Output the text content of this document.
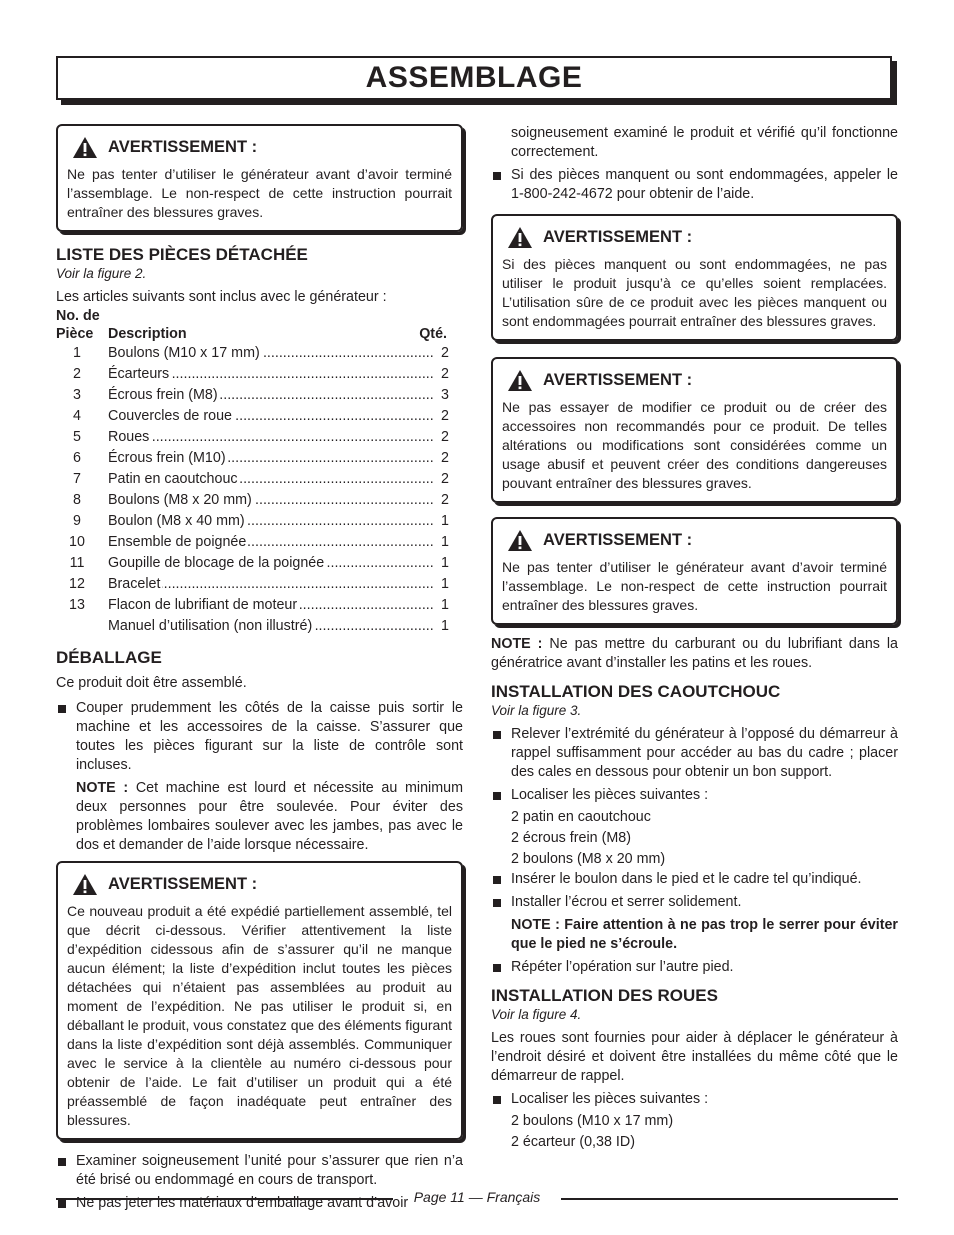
ASSEMBLAGE
AVERTISSEMENT :
Ne pas tenter d’utiliser le générateur avant d’avoir terminé l’assemblage. Le non-respect de cette instruction pourrait entraîner des blessures graves.
LISTE DES PIÈCES DÉTACHÉE
Voir la figure 2.

Les articles suivants sont inclus avec le générateur :

No. de
Pièce	Description	Qté.
1	Boulons (M10 x 17 mm) .....	2
2	Écarteurs .....	2
3	Écrous frein (M8) .....	3
4	Couvercles de roue .....	2
5	Roues .....	2
6	Écrous frein (M10) .....	2
7	Patin en caoutchouc .....	2
8	Boulons (M8 x 20 mm) .....	2
9	Boulon (M8 x 40 mm) .....	1
10	Ensemble de poignée .....	1
11	Goupille de blocage de la poignée .....	1
12	Bracelet .....	1
13	Flacon de lubrifiant de moteur .....	1
Manuel d’utilisation (non illustré) .....	1
DÉBALLAGE

Ce produit doit être assemblé.

Couper prudemment les côtés de la caisse puis sortir le machine et les accessoires de la caisse. S’assurer que toutes les pièces figurant sur la liste de contrôle sont incluses.

NOTE : Cet machine est lourd et nécessite au minimum deux personnes pour être soulevée. Pour éviter des problèmes lombaires soulever avec les jambes, pas avec le dos et demander de l’aide lorsque nécessaire.

AVERTISSEMENT :
Ce nouveau produit a été expédié partiellement assemblé, tel que décrit ci-dessous. Vérifier attentivement la liste d’expédition cidessous afin de s’assurer qu’il ne manque aucun élément; la liste d’expédition inclut toutes les pièces détachées qui n’étaient pas assemblées au produit au moment de l’expédition. Ne pas utiliser le produit si, en déballant le produit, vous constatez que des éléments figurant dans la liste d’expédition sont déjà assemblés. Communiquer avec le service à la clientèle au numéro ci-dessous pour obtenir de l’aide. Le fait d’utiliser un produit qui a été préassemblé de façon inadéquate peut entraîner des blessures.
Examiner soigneusement l’unité pour s’assurer que rien n’a été brisé ou endommagé en cours de transport.
Ne pas jeter les matériaux d’emballage avant d’avoir

soigneusement examiné le produit et vérifié qu’il fonctionne correctement.

Si des pièces manquent ou sont endommagées, appeler le 1-800-242-4672 pour obtenir de l’aide.
AVERTISSEMENT :
Si des pièces manquent ou sont endommagées, ne pas utiliser le produit jusqu’à ce qu’elles soient remplacées. L’utilisation sûre de ce produit avec les pièces manquent ou sont endommagées pourrait entraîner des blessures graves.
AVERTISSEMENT :
Ne pas essayer de modifier ce produit ou de créer des accessoires non recommandés pour ce produit. De telles altérations ou modifications sont considérées comme un usage abusif et peuvent créer des conditions dangereuses pouvant entraîner des blessures graves.
AVERTISSEMENT :
Ne pas tenter d’utiliser le générateur avant d’avoir terminé l’assemblage. Le non-respect de cette instruction pourrait entraîner des blessures graves.

NOTE : Ne pas mettre du carburant ou du lubrifiant dans la génératrice avant d’installer les patins et les roues.

INSTALLATION DES CAOUTCHOUC
Voir la figure 3.
Relever l’extrémité du générateur à l’opposé du démarreur à rappel suffisamment pour accéder au bas du cadre ; placer des cales en dessous pour obtenir un bon support.
Localiser les pièces suivantes :
2 patin en caoutchouc
2 écrous frein (M8)
2 boulons (M8 x 20 mm)
Insérer le boulon dans le pied et le cadre tel qu’indiqué.
Installer l’écrou et serrer solidement.

NOTE : Faire attention à ne pas trop le serrer pour éviter que le pied ne s’écroule.

Répéter l’opération sur l’autre pied.
INSTALLATION DES ROUES
Voir la figure 4.

Les roues sont fournies pour aider à déplacer le générateur à l’endroit désiré et doivent être installées du même côté que le démarreur de rappel.

Localiser les pièces suivantes :
2 boulons (M10 x 17 mm)
2 écarteur (0,38 ID)
Page 11 — Français
